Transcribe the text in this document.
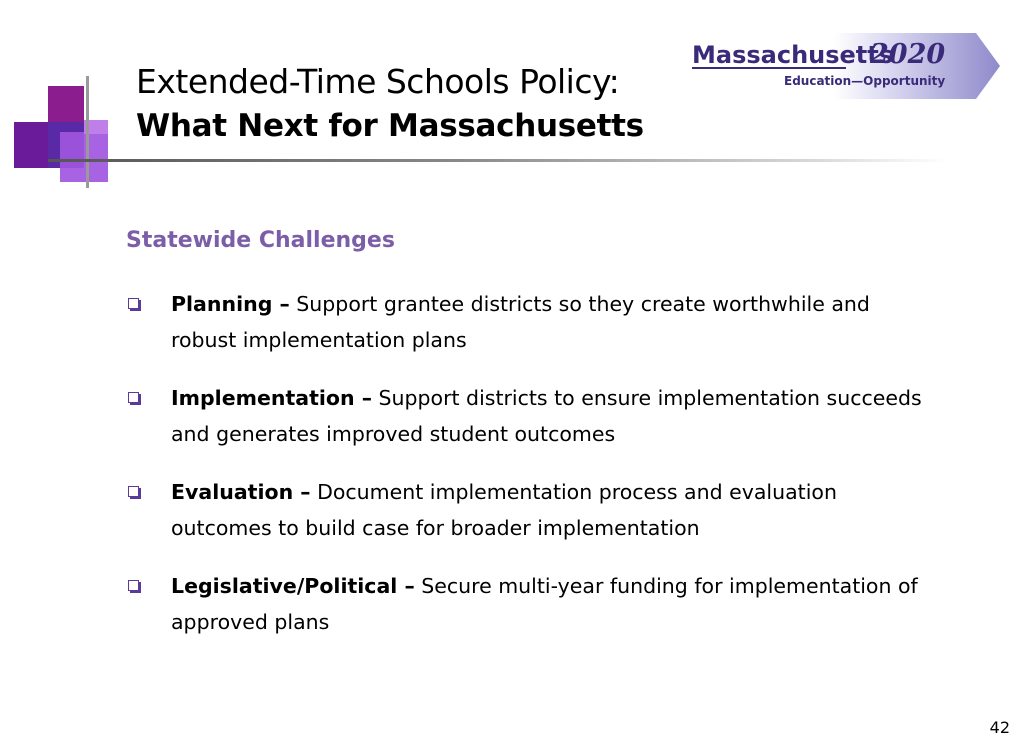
Extended-Time Schools Policy:
What Next for Massachusetts
Massachusetts
2020
Education—Opportunity
Statewide Challenges
Planning – Support grantee districts so they create worthwhile and robust implementation plans
Implementation – Support districts to ensure implementation succeeds and generates improved student outcomes
Evaluation – Document implementation process and evaluation outcomes to build case for broader implementation
Legislative/Political – Secure multi-year funding for implementation of approved plans
42
